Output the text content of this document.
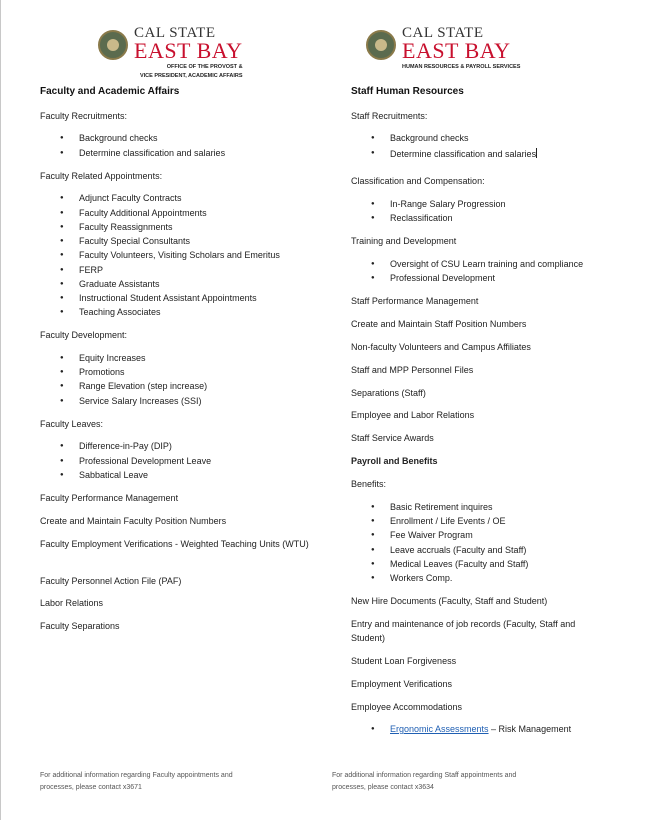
CAL STATE
EAST BAY
OFFICE OF THE PROVOST &
VICE PRESIDENT, ACADEMIC AFFAIRS
CAL STATE
EAST BAY
HUMAN RESOURCES & PAYROLL SERVICES
Faculty and Academic Affairs
Faculty Recruitments:
● Background checks
● Determine classification and salaries
Faculty Related Appointments:
● Adjunct Faculty Contracts
● Faculty Additional Appointments
● Faculty Reassignments
● Faculty Special Consultants
● Faculty Volunteers, Visiting Scholars and Emeritus
● FERP
● Graduate Assistants
● Instructional Student Assistant Appointments
● Teaching Associates
Faculty Development:
● Equity Increases
● Promotions
● Range Elevation (step increase)
● Service Salary Increases (SSI)
Faculty Leaves:
● Difference-in-Pay (DIP)
● Professional Development Leave
● Sabbatical Leave
Faculty Performance Management
Create and Maintain Faculty Position Numbers
Faculty Employment Verifications - Weighted Teaching Units (WTU)
Faculty Personnel Action File (PAF)
Labor Relations
Faculty Separations
For additional information regarding Faculty appointments and
processes, please contact x3671
Staff Human Resources
Staff Recruitments:
● Background checks
● Determine classification and salaries
Classification and Compensation:
● In-Range Salary Progression
● Reclassification
Training and Development
● Oversight of CSU Learn training and compliance
● Professional Development
Staff Performance Management
Create and Maintain Staff Position Numbers
Non-faculty Volunteers and Campus Affiliates
Staff and MPP Personnel Files
Separations (Staff)
Employee and Labor Relations
Staff Service Awards
Payroll and Benefits
Benefits:
● Basic Retirement inquires
● Enrollment / Life Events / OE
● Fee Waiver Program
● Leave accruals (Faculty and Staff)
● Medical Leaves (Faculty and Staff)
● Workers Comp.
New Hire Documents (Faculty, Staff and Student)
Entry and maintenance of job records (Faculty, Staff and Student)
Student Loan Forgiveness
Employment Verifications
Employee Accommodations
● Ergonomic Assessments – Risk Management
For additional information regarding Staff appointments and
processes, please contact x3634
